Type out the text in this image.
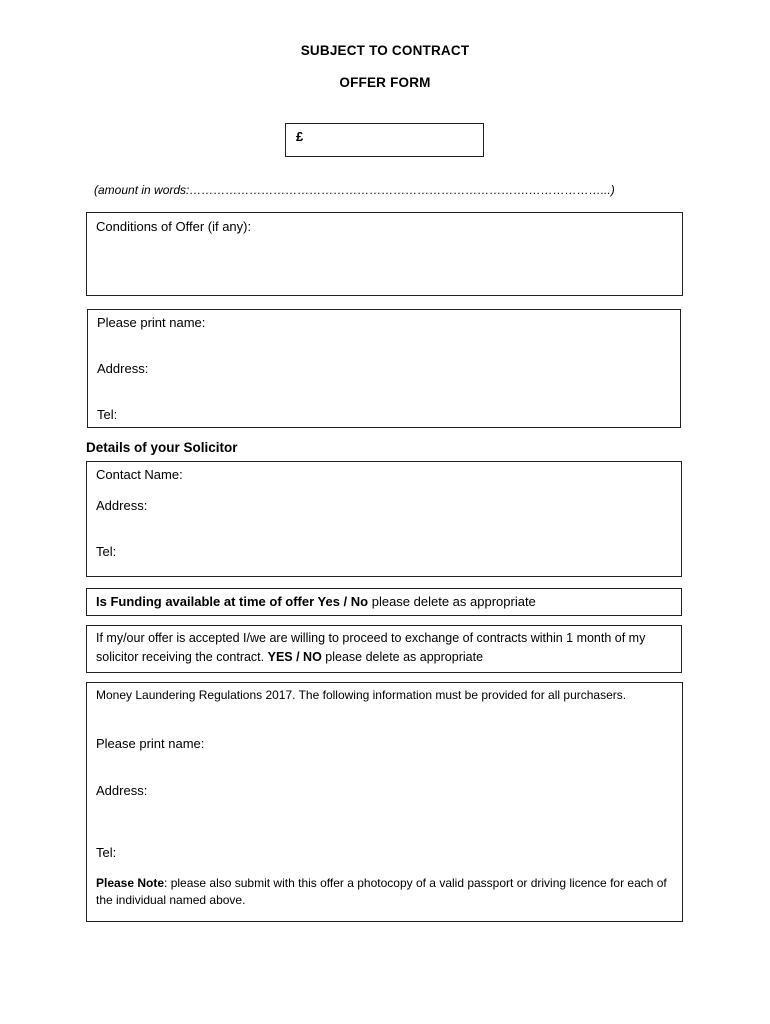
SUBJECT TO CONTRACT
OFFER FORM
£
(amount in words:………………………………………………………………………….………………...)
Conditions of Offer (if any):
Please print name:
Address:
Tel:
Details of your Solicitor
Contact Name:
Address:
Tel:
Is Funding available at time of offer Yes / No please delete as appropriate
If my/our offer is accepted I/we are willing to proceed to exchange of contracts within 1 month of my solicitor receiving the contract. YES / NO please delete as appropriate
Money Laundering Regulations 2017. The following information must be provided for all purchasers.
Please print name:
Address:
Tel:
Please Note: please also submit with this offer a photocopy of a valid passport or driving licence for each of the individual named above.
